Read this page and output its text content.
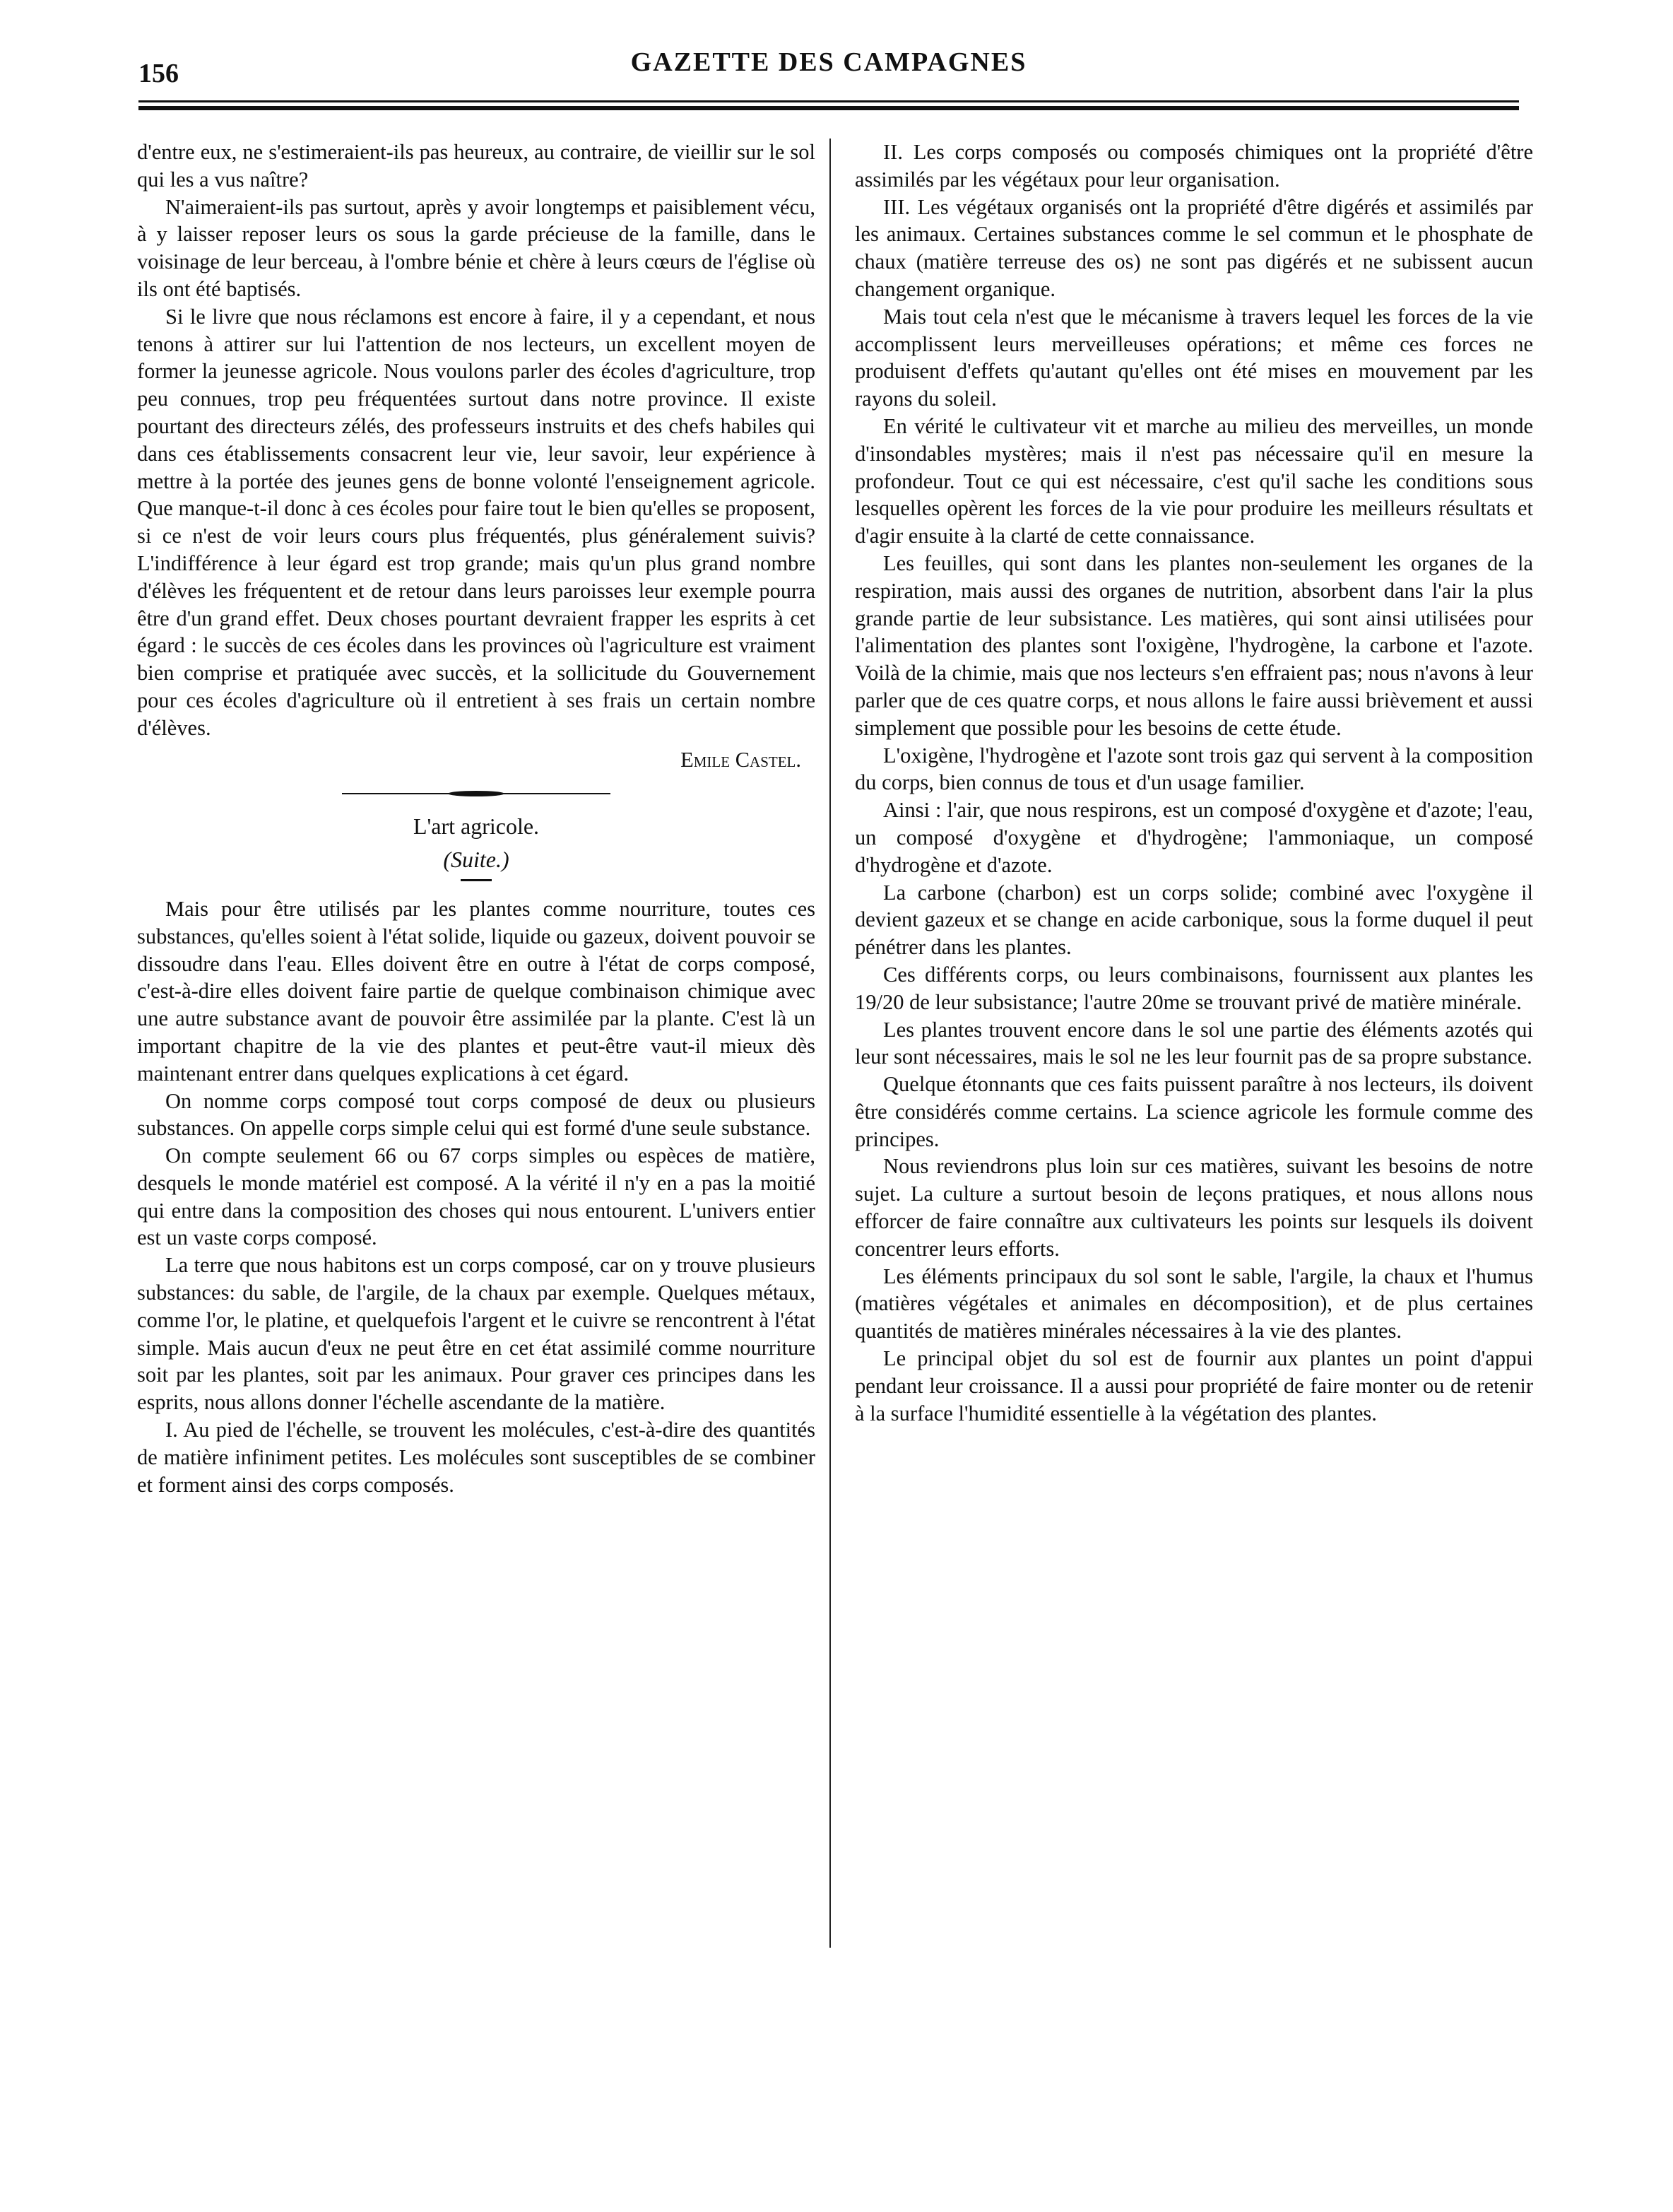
156	GAZETTE DES CAMPAGNES

d'entre eux, ne s'estimeraient-ils pas heureux, au contraire, de vieillir sur le sol qui les a vus naître?

N'aimeraient-ils pas surtout, après y avoir longtemps et paisiblement vécu, à y laisser reposer leurs os sous la garde précieuse de la famille, dans le voisinage de leur berceau, à l'ombre bénie et chère à leurs cœurs de l'église où ils ont été baptisés.

Si le livre que nous réclamons est encore à faire, il y a cependant, et nous tenons à attirer sur lui l'attention de nos lecteurs, un excellent moyen de former la jeunesse agricole. Nous voulons parler des écoles d'agriculture, trop peu connues, trop peu fréquentées surtout dans notre province. Il existe pourtant des directeurs zélés, des professeurs instruits et des chefs habiles qui dans ces établissements consacrent leur vie, leur savoir, leur expérience à mettre à la portée des jeunes gens de bonne volonté l'enseignement agricole. Que manque-t-il donc à ces écoles pour faire tout le bien qu'elles se proposent, si ce n'est de voir leurs cours plus fréquentés, plus généralement suivis? L'indifférence à leur égard est trop grande; mais qu'un plus grand nombre d'élèves les fréquentent et de retour dans leurs paroisses leur exemple pourra être d'un grand effet. Deux choses pourtant devraient frapper les esprits à cet égard : le succès de ces écoles dans les provinces où l'agriculture est vraiment bien comprise et pratiquée avec succès, et la sollicitude du Gouvernement pour ces écoles d'agriculture où il entretient à ses frais un certain nombre d'élèves.

Emile Castel.
L'art agricole.
(Suite.)

Mais pour être utilisés par les plantes comme nourriture, toutes ces substances, qu'elles soient à l'état solide, liquide ou gazeux, doivent pouvoir se dissoudre dans l'eau. Elles doivent être en outre à l'état de corps composé, c'est-à-dire elles doivent faire partie de quelque combinaison chimique avec une autre substance avant de pouvoir être assimilée par la plante. C'est là un important chapitre de la vie des plantes et peut-être vaut-il mieux dès maintenant entrer dans quelques explications à cet égard.

On nomme corps composé tout corps composé de deux ou plusieurs substances. On appelle corps simple celui qui est formé d'une seule substance.

On compte seulement 66 ou 67 corps simples ou espèces de matière, desquels le monde matériel est composé. A la vérité il n'y en a pas la moitié qui entre dans la composition des choses qui nous entourent. L'univers entier est un vaste corps composé.

La terre que nous habitons est un corps composé, car on y trouve plusieurs substances: du sable, de l'argile, de la chaux par exemple. Quelques métaux, comme l'or, le platine, et quelquefois l'argent et le cuivre se rencontrent à l'état simple. Mais aucun d'eux ne peut être en cet état assimilé comme nourriture soit par les plantes, soit par les animaux. Pour graver ces principes dans les esprits, nous allons donner l'échelle ascendante de la matière.

I. Au pied de l'échelle, se trouvent les molécules, c'est-à-dire des quantités de matière infiniment petites. Les molécules sont susceptibles de se combiner et forment ainsi des corps composés.

II. Les corps composés ou composés chimiques ont la propriété d'être assimilés par les végétaux pour leur organisation.

III. Les végétaux organisés ont la propriété d'être digérés et assimilés par les animaux. Certaines substances comme le sel commun et le phosphate de chaux (matière terreuse des os) ne sont pas digérés et ne subissent aucun changement organique.

Mais tout cela n'est que le mécanisme à travers lequel les forces de la vie accomplissent leurs merveilleuses opérations; et même ces forces ne produisent d'effets qu'autant qu'elles ont été mises en mouvement par les rayons du soleil.

En vérité le cultivateur vit et marche au milieu des merveilles, un monde d'insondables mystères; mais il n'est pas nécessaire qu'il en mesure la profondeur. Tout ce qui est nécessaire, c'est qu'il sache les conditions sous lesquelles opèrent les forces de la vie pour produire les meilleurs résultats et d'agir ensuite à la clarté de cette connaissance.

Les feuilles, qui sont dans les plantes non-seulement les organes de la respiration, mais aussi des organes de nutrition, absorbent dans l'air la plus grande partie de leur subsistance. Les matières, qui sont ainsi utilisées pour l'alimentation des plantes sont l'oxigène, l'hydrogène, la carbone et l'azote. Voilà de la chimie, mais que nos lecteurs s'en effraient pas; nous n'avons à leur parler que de ces quatre corps, et nous allons le faire aussi brièvement et aussi simplement que possible pour les besoins de cette étude.

L'oxigène, l'hydrogène et l'azote sont trois gaz qui servent à la composition du corps, bien connus de tous et d'un usage familier.

Ainsi : l'air, que nous respirons, est un composé d'oxygène et d'azote; l'eau, un composé d'oxygène et d'hydrogène; l'ammoniaque, un composé d'hydrogène et d'azote.

La carbone (charbon) est un corps solide; combiné avec l'oxygène il devient gazeux et se change en acide carbonique, sous la forme duquel il peut pénétrer dans les plantes.

Ces différents corps, ou leurs combinaisons, fournissent aux plantes les 19/20 de leur subsistance; l'autre 20me se trouvant privé de matière minérale.

Les plantes trouvent encore dans le sol une partie des éléments azotés qui leur sont nécessaires, mais le sol ne les leur fournit pas de sa propre substance.

Quelque étonnants que ces faits puissent paraître à nos lecteurs, ils doivent être considérés comme certains. La science agricole les formule comme des principes.

Nous reviendrons plus loin sur ces matières, suivant les besoins de notre sujet. La culture a surtout besoin de leçons pratiques, et nous allons nous efforcer de faire connaître aux cultivateurs les points sur lesquels ils doivent concentrer leurs efforts.

Les éléments principaux du sol sont le sable, l'argile, la chaux et l'humus (matières végétales et animales en décomposition), et de plus certaines quantités de matières minérales nécessaires à la vie des plantes.

Le principal objet du sol est de fournir aux plantes un point d'appui pendant leur croissance. Il a aussi pour propriété de faire monter ou de retenir à la surface l'humidité essentielle à la végétation des plantes.
